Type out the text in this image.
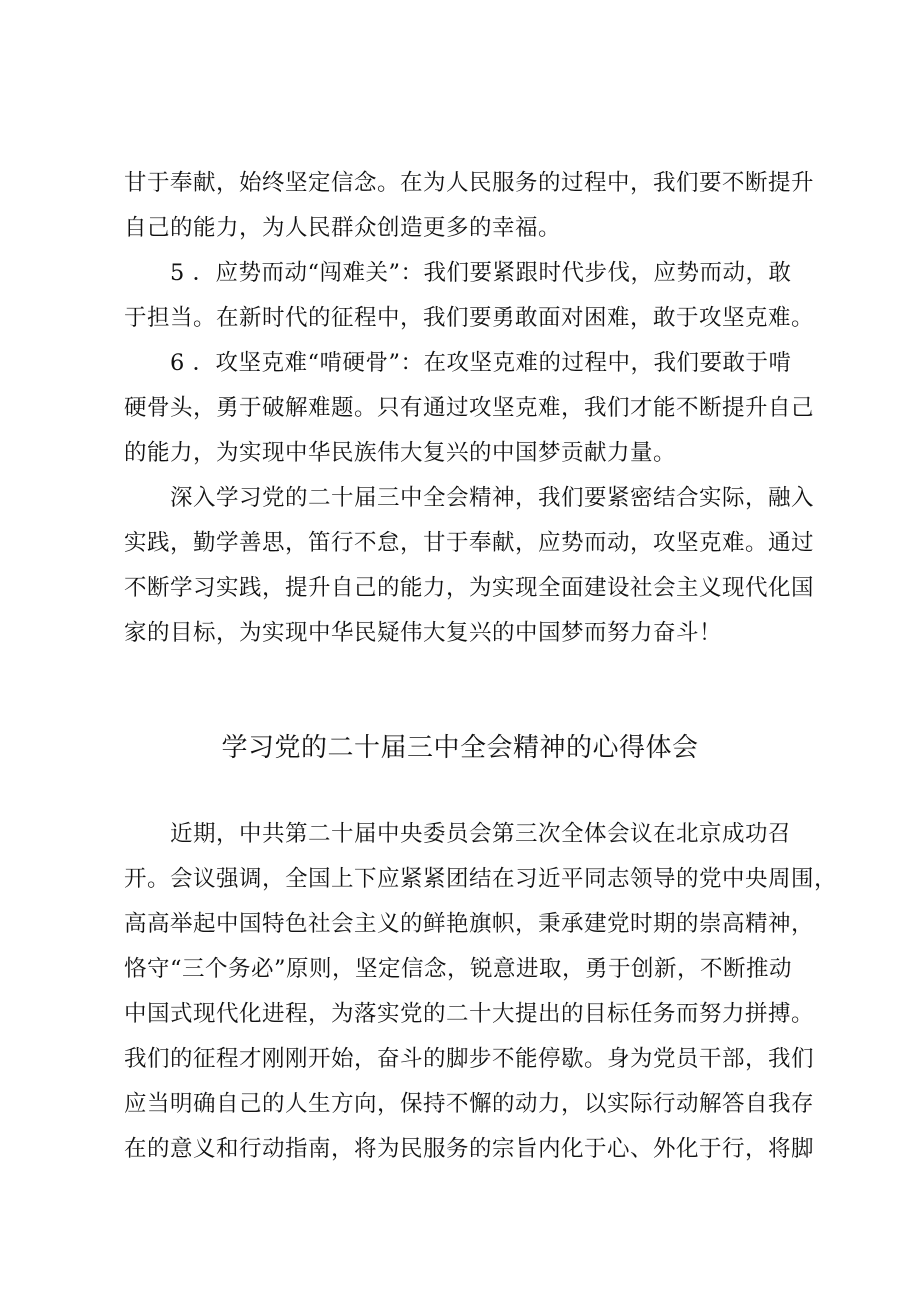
甘于奉献，始终坚定信念。在为人民服务的过程中，我们要不断提升
自己的能力，为人民群众创造更多的幸福。
5 ．应势而动“闯难关”：我们要紧跟时代步伐，应势而动，敢
于担当。在新时代的征程中，我们要勇敢面对困难，敢于攻坚克难。
6 ．攻坚克难“啃硬骨”：在攻坚克难的过程中，我们要敢于啃
硬骨头，勇于破解难题。只有通过攻坚克难，我们才能不断提升自己
的能力，为实现中华民族伟大复兴的中国梦贡献力量。
深入学习党的二十届三中全会精神，我们要紧密结合实际，融入
实践，勤学善思，笛行不怠，甘于奉献，应势而动，攻坚克难。通过
不断学习实践，提升自己的能力，为实现全面建设社会主义现代化国
家的目标，为实现中华民疑伟大复兴的中国梦而努力奋斗！
学习党的二十届三中全会精神的心得体会
近期，中共第二十届中央委员会第三次全体会议在北京成功召
开。会议强调，全国上下应紧紧团结在习近平同志领导的党中央周围，
高高举起中国特色社会主义的鲜艳旗帜，秉承建党时期的崇高精神，
恪守“三个务必”原则，坚定信念，锐意进取，勇于创新，不断推动
中国式现代化进程，为落实党的二十大提出的目标任务而努力拼搏。
我们的征程才刚刚开始，奋斗的脚步不能停歇。身为党员干部，我们
应当明确自己的人生方向，保持不懈的动力，以实际行动解答自我存
在的意义和行动指南，将为民服务的宗旨内化于心、外化于行，将脚
